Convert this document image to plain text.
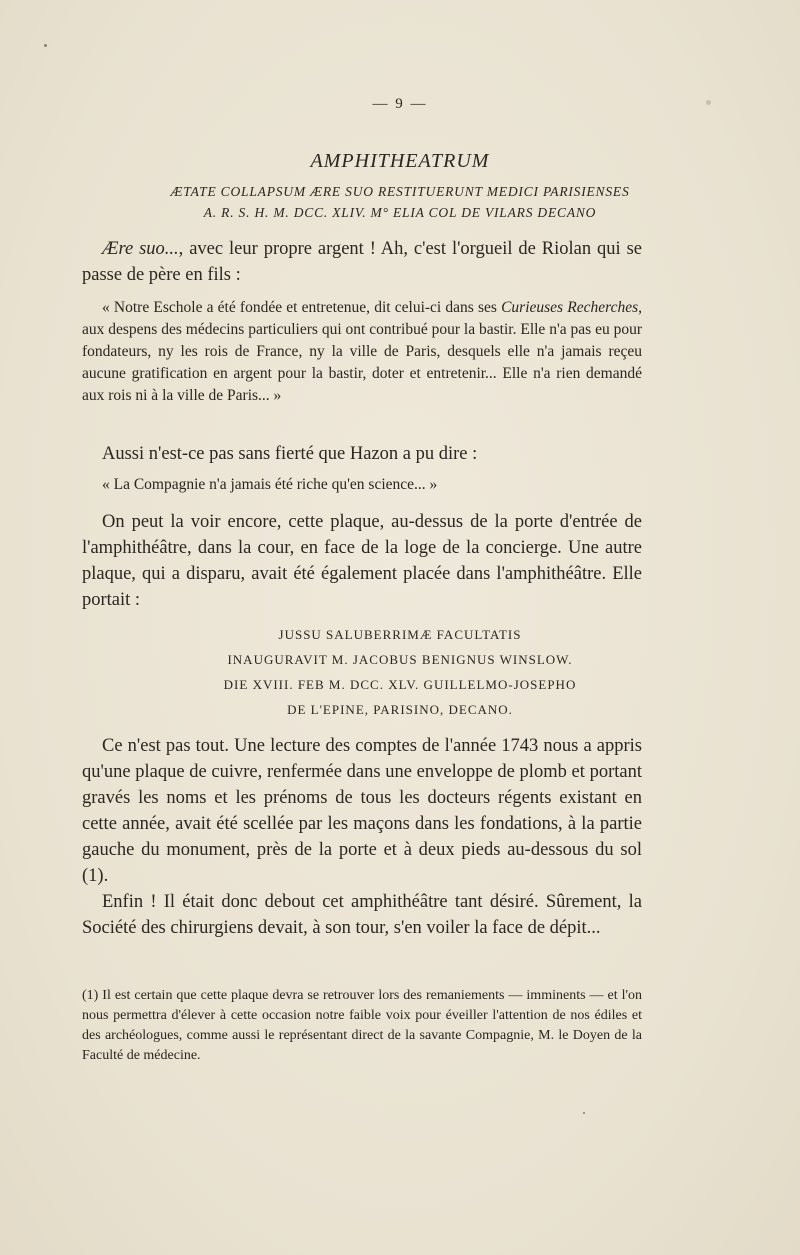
— 9 —
AMPHITHEATRUM
ÆTATE COLLAPSUM ÆRE SUO RESTITUERUNT MEDICI PARISIENSES
A. R. S. H. M. DCC. XLIV. M° ELIA COL DE VILARS DECANO
Ære suo..., avec leur propre argent ! Ah, c'est l'orgueil de Riolan qui se passe de père en fils :
« Notre Eschole a été fondée et entretenue, dit celui-ci dans ses Curieuses Recherches, aux despens des médecins particuliers qui ont contribué pour la bastir. Elle n'a pas eu pour fondateurs, ny les rois de France, ny la ville de Paris, desquels elle n'a jamais reçeu aucune gratification en argent pour la bastir, doter et entretenir... Elle n'a rien demandé aux rois ni à la ville de Paris... »
Aussi n'est-ce pas sans fierté que Hazon a pu dire :
« La Compagnie n'a jamais été riche qu'en science... »
On peut la voir encore, cette plaque, au-dessus de la porte d'entrée de l'amphithéâtre, dans la cour, en face de la loge de la concierge. Une autre plaque, qui a disparu, avait été également placée dans l'amphithéâtre. Elle portait :
JUSSU SALUBERRIMÆ FACULTATIS
INAUGURAVIT M. JACOBUS BENIGNUS WINSLOW.
DIE XVIII. FEB M. DCC. XLV. GUILLELMO-JOSEPHO
DE L'EPINE, PARISINO, DECANO.
Ce n'est pas tout. Une lecture des comptes de l'année 1743 nous a appris qu'une plaque de cuivre, renfermée dans une enveloppe de plomb et portant gravés les noms et les prénoms de tous les docteurs régents existant en cette année, avait été scellée par les maçons dans les fondations, à la partie gauche du monument, près de la porte et à deux pieds au-dessous du sol (1).
Enfin ! Il était donc debout cet amphithéâtre tant désiré. Sûrement, la Société des chirurgiens devait, à son tour, s'en voiler la face de dépit...
(1) Il est certain que cette plaque devra se retrouver lors des remaniements — imminents — et l'on nous permettra d'élever à cette occasion notre faible voix pour éveiller l'attention de nos édiles et des archéologues, comme aussi le représentant direct de la savante Compagnie, M. le Doyen de la Faculté de médecine.
